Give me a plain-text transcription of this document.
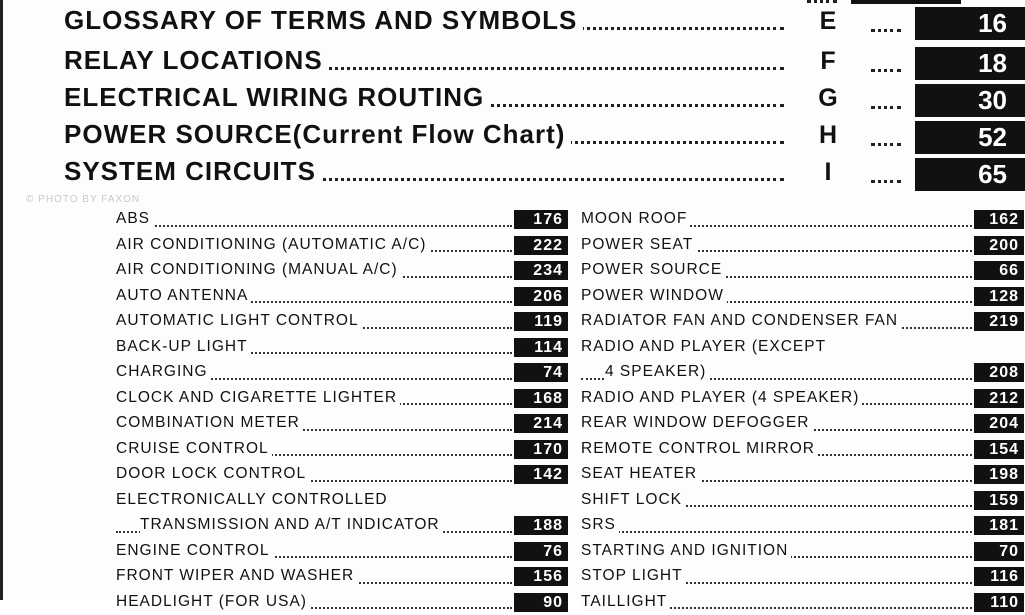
GLOSSARY OF TERMS AND SYMBOLS	E	16
RELAY LOCATIONS	F	18
ELECTRICAL WIRING ROUTING	G	30
POWER SOURCE(Current Flow Chart)	H	52
SYSTEM CIRCUITS	I	65
© PHOTO BY FAXON
ABS	176
AIR CONDITIONING (AUTOMATIC A/C)	222
AIR CONDITIONING (MANUAL A/C)	234
AUTO ANTENNA	206
AUTOMATIC LIGHT CONTROL	119
BACK-UP LIGHT	114
CHARGING	74
CLOCK AND CIGARETTE LIGHTER	168
COMBINATION METER	214
CRUISE CONTROL	170
DOOR LOCK CONTROL	142
ELECTRONICALLY CONTROLLED
TRANSMISSION AND A/T INDICATOR	188
ENGINE CONTROL	76
FRONT WIPER AND WASHER	156
HEADLIGHT (FOR USA)	90
MOON ROOF	162
POWER SEAT	200
POWER SOURCE	66
POWER WINDOW	128
RADIATOR FAN AND CONDENSER FAN	219
RADIO AND PLAYER (EXCEPT
4 SPEAKER)	208
RADIO AND PLAYER (4 SPEAKER)	212
REAR WINDOW DEFOGGER	204
REMOTE CONTROL MIRROR	154
SEAT HEATER	198
SHIFT LOCK	159
SRS	181
STARTING AND IGNITION	70
STOP LIGHT	116
TAILLIGHT	110
